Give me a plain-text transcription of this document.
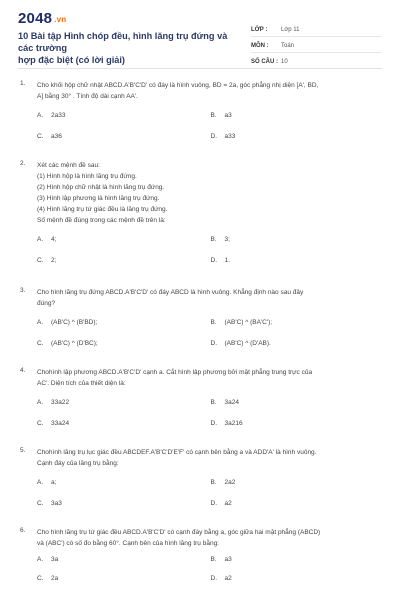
2048 .vn
10 Bài tập Hình chóp đều, hình lăng trụ đứng và các trường
hợp đặc biệt (có lời giải)
LỚP :	Lớp 11
MÔN :	Toán
SỐ CÂU : 10
1.	Cho khối hộp chữ nhật ABCD.A'B'C'D' có đáy là hình vuông, BD = 2a, góc phẳng nhị diện [A', BD,
A] bằng 30° . Tính độ dài cạnh AA'.
A.	2a33	B.	a3
C.	a36	D.	a33
2.	Xét các mệnh đề sau:
(1) Hình hộp là hình lăng trụ đứng.
(2) Hình hộp chữ nhật là hình lăng trụ đứng.
(3) Hình lập phương là hình lăng trụ đứng.
(4) Hình lăng trụ tứ giác đều là lăng trụ đứng.
Số mệnh đề đúng trong các mệnh đề trên là:
A.	4;	B.	3;
C.	2;	D.	1.
3.	Cho hình lăng trụ đứng ABCD.A'B'C'D' có đáy ABCD là hình vuông. Khẳng định nào sau đây
đúng?
A.	(AB'C) ^ (B'BD);	B.	(AB'C) ^ (BA'C');
C.	(AB'C) ^ (D'BC);	D.	(AB'C) ^ (D'AB).
4.	Chohình lập phương ABCD.A'B'C'D' cạnh a. Cắt hình lập phương bởi mặt phẳng trung trực của
AC'. Diện tích của thiết diện là:
A.	33a22	B.	3a24
C.	33a24	D.	3a216
5.	Chohình lăng trụ lục giác đều ABCDEF.A'B'C'D'E'F' có cạnh bên bằng a và ADD'A' là hình vuông.
Cạnh đáy của lăng trụ bằng:
A.	a;	B.	2a2
C.	3a3	D.	a2
6.	Cho hình lăng trụ tứ giác đều ABCD.A'B'C'D' có cạnh đáy bằng a, góc giữa hai mặt phẳng (ABCD)
và (ABC') có số đo bằng 60°. Cạnh bên của hình lăng trụ bằng:
A.	3a	B.	a3
C.	2a	D.	a2
